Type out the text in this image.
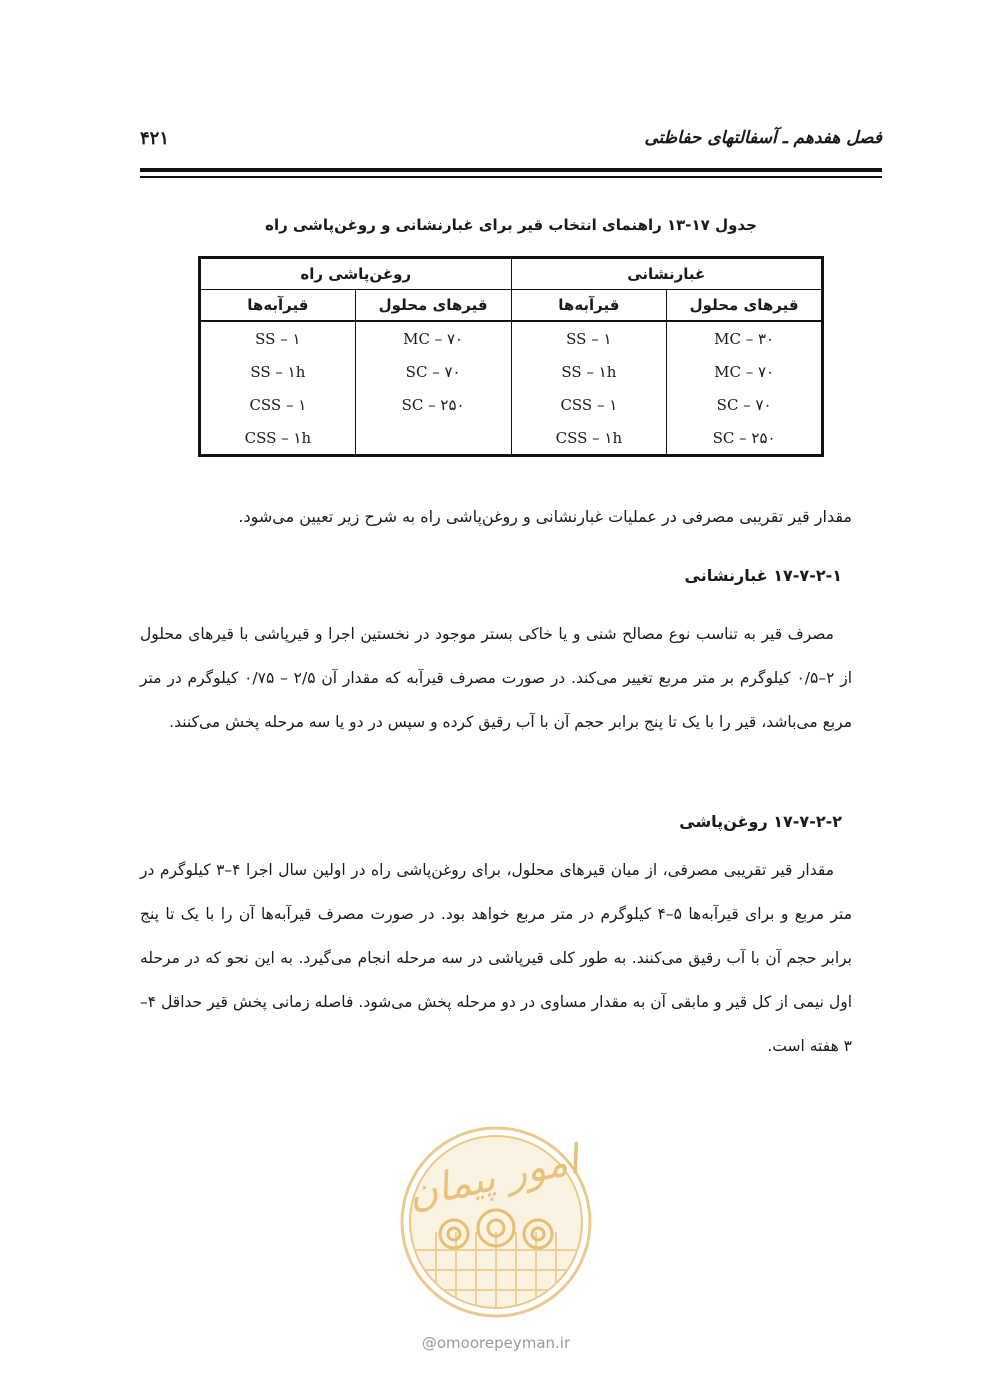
فصل هفدهم ـ آسفالتهای حفاظتی
۴۲۱
جدول ۱۷-۱۳ راهنمای انتخاب قیر برای غبارنشانی و روغن‌پاشی راه
غبارنشانی		روغن‌پاشی راه	
قیرهای محلول	قیرآبه‌ها	قیرهای محلول	قیرآبه‌ها
MC – ۳۰	SS – ۱	MC – ۷۰	SS – ۱
MC – ۷۰	SS – ۱h	SC – ۷۰	SS – ۱h
SC – ۷۰	CSS – ۱	SC – ۲۵۰	CSS – ۱
SC – ۲۵۰	CSS – ۱h		CSS – ۱h
مقدار قیر تقریبی مصرفی در عملیات غبارنشانی و روغن‌پاشی راه به شرح زیر تعیین می‌شود.
۱۷-۷-۲-۱ غبارنشانی
مصرف قیر به تناسب نوع مصالح شنی و یا خاکی بستر موجود در نخستین اجرا و قیرپاشی با قیرهای محلول از ۲–۰/۵ کیلوگرم بر متر مربع تغییر می‌کند. در صورت مصرف قیرآبه که مقدار آن ۲/۵ – ۰/۷۵ کیلوگرم در متر مربع می‌باشد، قیر را با یک تا پنج برابر حجم آن با آب رقیق کرده و سپس در دو یا سه مرحله پخش می‌کنند.
۱۷-۷-۲-۲ روغن‌پاشی
مقدار قیر تقریبی مصرفی، از میان قیرهای محلول، برای روغن‌پاشی راه در اولین سال اجرا ۴–۳ کیلوگرم در متر مربع و برای قیرآبه‌ها ۵–۴ کیلوگرم در متر مربع خواهد بود. در صورت مصرف قیرآبه‌ها آن را با یک تا پنج برابر حجم آن با آب رقیق می‌کنند. به طور کلی قیرپاشی در سه مرحله انجام می‌گیرد. به این نحو که در مرحله اول نیمی از کل قیر و مابقی آن به مقدار مساوی در دو مرحله پخش می‌شود. فاصله زمانی پخش قیر حداقل ۴–۳ هفته است.
امور پیمان
@omoorepeyman.ir
